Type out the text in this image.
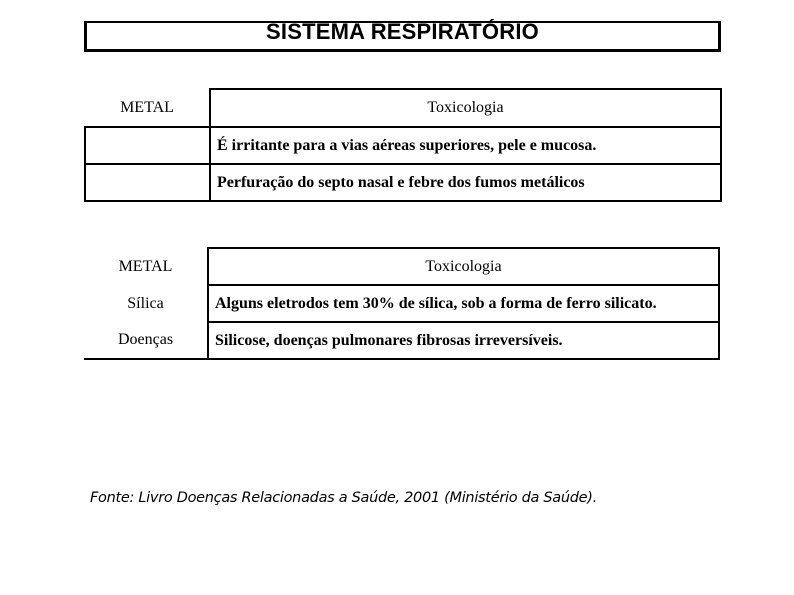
SISTEMA RESPIRATÓRIO
METAL	Toxicologia
	É irritante para a vias aéreas superiores, pele e mucosa.
	Perfuração do septo nasal e febre dos fumos metálicos
METAL	Toxicologia
Sílica	Alguns eletrodos tem 30% de sílica, sob a forma de ferro silicato.
Doenças	Silicose, doenças pulmonares fibrosas irreversíveis.
Fonte: Livro Doenças Relacionadas a Saúde, 2001 (Ministério da Saúde).
